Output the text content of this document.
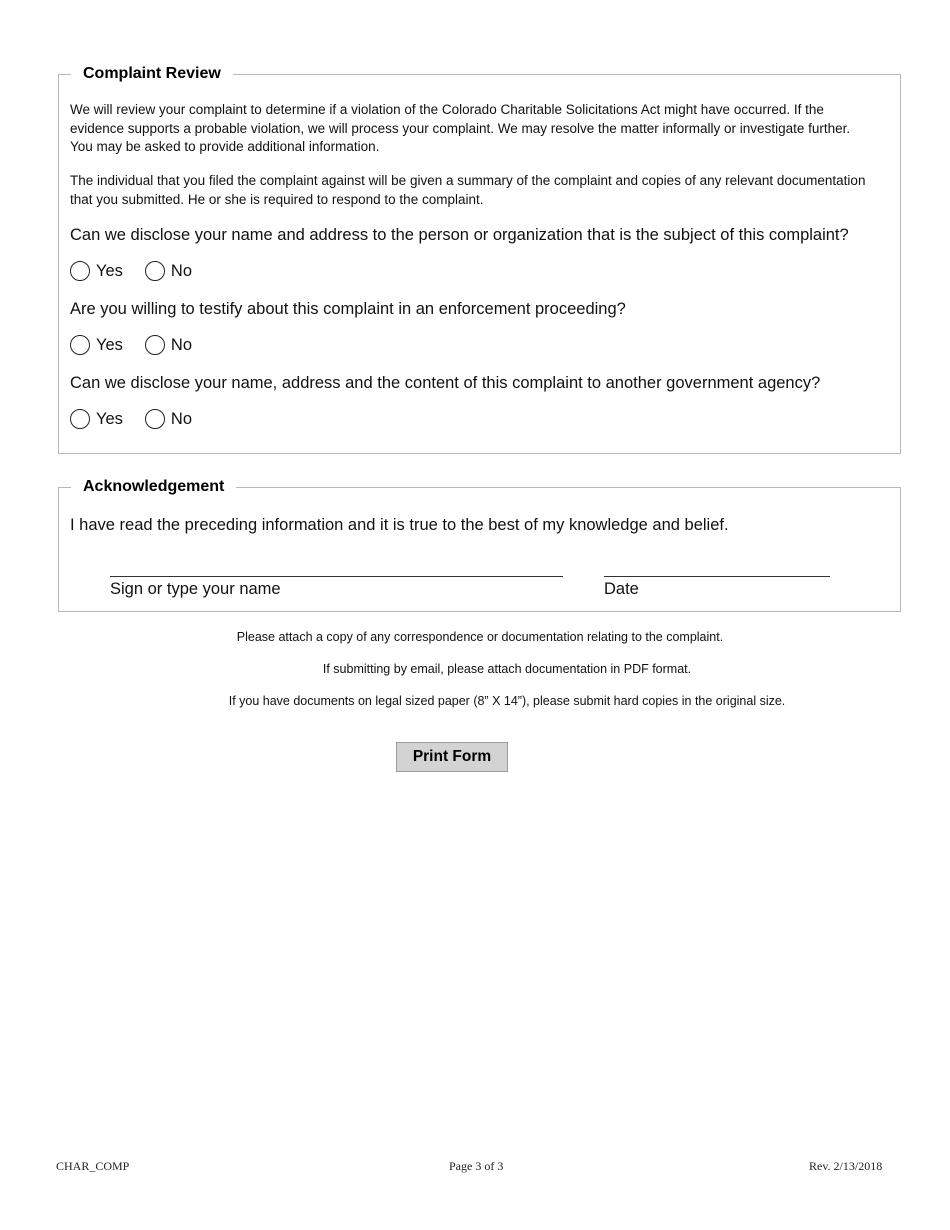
Complaint Review

We will review your complaint to determine if a violation of the Colorado Charitable Solicitations Act might have occurred. If the evidence supports a probable violation, we will process your complaint. We may resolve the matter informally or investigate further. You may be asked to provide additional information.

The individual that you filed the complaint against will be given a summary of the complaint and copies of any relevant documentation that you submitted. He or she is required to respond to the complaint.

Can we disclose your name and address to the person or organization that is the subject of this complaint?

Yes	No

Are you willing to testify about this complaint in an enforcement proceeding?

Yes	No

Can we disclose your name, address and the content of this complaint to another government agency?

Yes	No
Acknowledgement

I have read the preceding information and it is true to the best of my knowledge and belief.

Sign or type your name	Date
Please attach a copy of any correspondence or documentation relating to the complaint.
If submitting by email, please attach documentation in PDF format.
If you have documents on legal sized paper (8” X 14”), please submit hard copies in the original size.
Print Form
CHAR_COMP	Page 3 of 3	Rev. 2/13/2018
